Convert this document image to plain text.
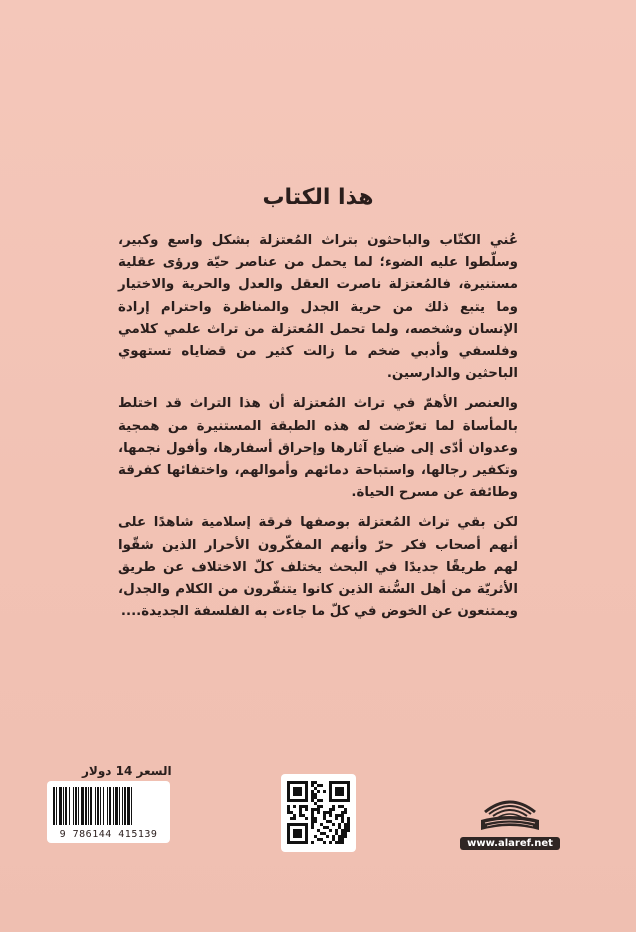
هذا الكتاب

عُني الكتّاب والباحثون بتراث المُعتزلة بشكل واسع وكبير، وسلّطوا عليه الضوء؛ لما يحمل من عناصر حيّة ورؤى عقلية مستنيرة، فالمُعتزلة ناصرت العقل والعدل والحرية والاختيار وما يتبع ذلك من حرية الجدل والمناظرة واحترام إرادة الإنسان وشخصه، ولما تحمل المُعتزلة من تراث علمي كلامي وفلسفي وأدبي ضخم ما زالت كثير من قضاياه تستهوي الباحثين والدارسين.

والعنصر الأهمّ في تراث المُعتزلة أن هذا التراث قد اختلط بالمأساة لما تعرّضت له هذه الطبقة المستنيرة من همجية وعدوان أدّى إلى ضياع آثارها وإحراق أسفارها، وأفول نجمها، وتكفير رجالها، واستباحة دمائهم وأموالهم، واختفائها كفرقة وطائفة عن مسرح الحياة.

لكن بقي تراث المُعتزلة بوصفها فرقة إسلامية شاهدًا على أنهم أصحاب فكر حرّ وأنهم المفكّرون الأحرار الذين شقّوا لهم طريقًا جديدًا في البحث يختلف كلّ الاختلاف عن طريق الأثريّة من أهل السُّنة الذين كانوا يتنفّرون من الكلام والجدل، ويمتنعون عن الخوض في كلّ ما جاءت به الفلسفة الجديدة....

السعر 14 دولار
9 786144 415139
www.alaref.net
